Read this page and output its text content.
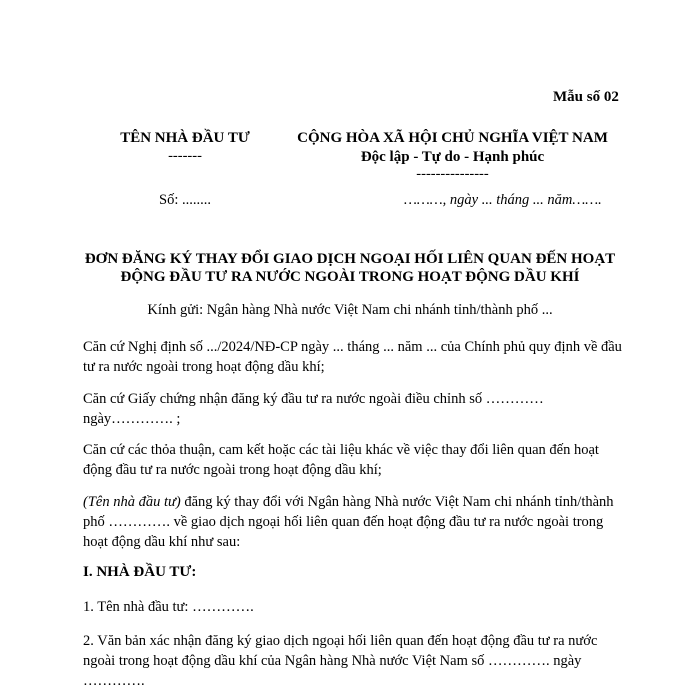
Mẫu số 02
TÊN NHÀ ĐẦU TƯ
-------
Số: ........
CỘNG HÒA XÃ HỘI CHỦ NGHĨA VIỆT NAM
Độc lập - Tự do - Hạnh phúc
---------------
………, ngày ... tháng ... năm…….
ĐƠN ĐĂNG KÝ THAY ĐỔI GIAO DỊCH NGOẠI HỐI LIÊN QUAN ĐẾN HOẠT
ĐỘNG ĐẦU TƯ RA NƯỚC NGOÀI TRONG HOẠT ĐỘNG DẦU KHÍ
Kính gửi: Ngân hàng Nhà nước Việt Nam chi nhánh tỉnh/thành phố ...
Căn cứ Nghị định số .../2024/NĐ-CP ngày ... tháng ... năm ... của Chính phủ quy định về đầu tư ra nước ngoài trong hoạt động dầu khí;
Căn cứ Giấy chứng nhận đăng ký đầu tư ra nước ngoài điều chỉnh số …………ngày…………. ;
Căn cứ các thỏa thuận, cam kết hoặc các tài liệu khác về việc thay đổi liên quan đến hoạt động đầu tư ra nước ngoài trong hoạt động dầu khí;
(Tên nhà đầu tư) đăng ký thay đổi với Ngân hàng Nhà nước Việt Nam chi nhánh tỉnh/thành phố …………. về giao dịch ngoại hối liên quan đến hoạt động đầu tư ra nước ngoài trong hoạt động dầu khí như sau:
I. NHÀ ĐẦU TƯ:
1. Tên nhà đầu tư: ………….
2. Văn bản xác nhận đăng ký giao dịch ngoại hối liên quan đến hoạt động đầu tư ra nước ngoài trong hoạt động dầu khí của Ngân hàng Nhà nước Việt Nam số …………. ngày ………….
